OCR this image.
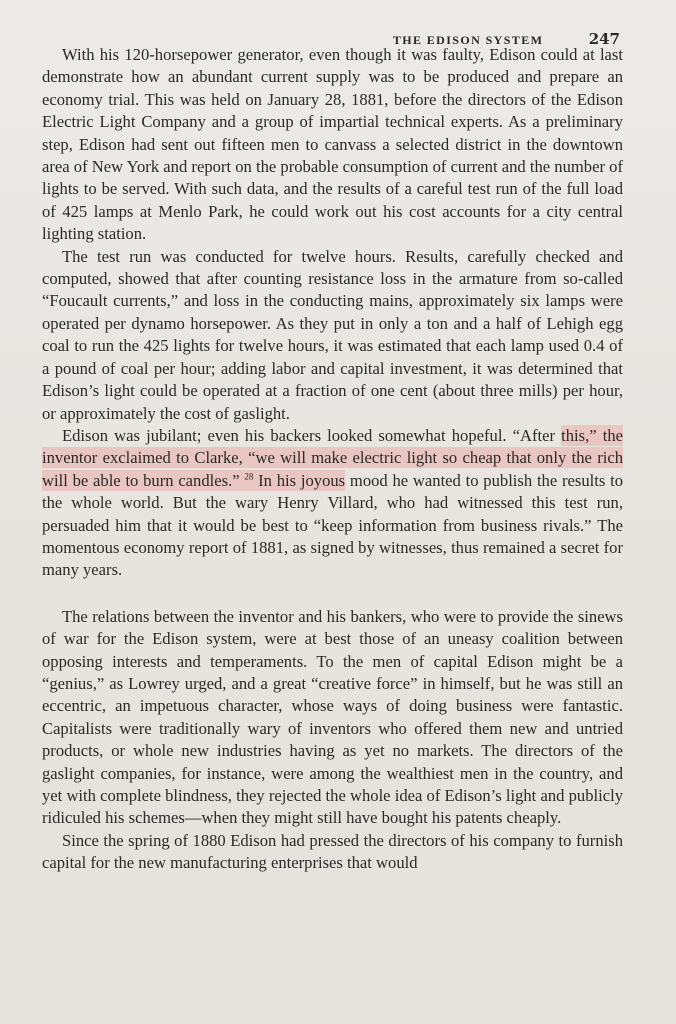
THE EDISON SYSTEM	247

With his 120-horsepower generator, even though it was faulty, Edison could at last demonstrate how an abundant current supply was to be produced and prepare an economy trial. This was held on January 28, 1881, before the directors of the Edison Electric Light Company and a group of impartial technical experts. As a preliminary step, Edison had sent out fifteen men to canvass a selected district in the downtown area of New York and report on the probable consumption of current and the number of lights to be served. With such data, and the results of a careful test run of the full load of 425 lamps at Menlo Park, he could work out his cost accounts for a city central lighting station.

The test run was conducted for twelve hours. Results, carefully checked and computed, showed that after counting resistance loss in the armature from so-called “Foucault currents,” and loss in the conducting mains, approximately six lamps were operated per dynamo horsepower. As they put in only a ton and a half of Lehigh egg coal to run the 425 lights for twelve hours, it was estimated that each lamp used 0.4 of a pound of coal per hour; adding labor and capital investment, it was determined that Edison’s light could be operated at a fraction of one cent (about three mills) per hour, or approximately the cost of gaslight.

Edison was jubilant; even his backers looked somewhat hopeful. “After this,” the inventor exclaimed to Clarke, “we will make electric light so cheap that only the rich will be able to burn candles.” $^{28}$ In his joyous mood he wanted to publish the results to the whole world. But the wary Henry Villard, who had witnessed this test run, persuaded him that it would be best to “keep information from business rivals.” The momentous economy report of 1881, as signed by witnesses, thus remained a secret for many years.

The relations between the inventor and his bankers, who were to provide the sinews of war for the Edison system, were at best those of an uneasy coalition between opposing interests and temperaments. To the men of capital Edison might be a “genius,” as Lowrey urged, and a great “creative force” in himself, but he was still an eccentric, an impetuous character, whose ways of doing business were fantastic. Capitalists were traditionally wary of inventors who offered them new and untried products, or whole new industries having as yet no markets. The directors of the gaslight companies, for instance, were among the wealthiest men in the country, and yet with complete blindness, they rejected the whole idea of Edison’s light and publicly ridiculed his schemes—when they might still have bought his patents cheaply.

Since the spring of 1880 Edison had pressed the directors of his company to furnish capital for the new manufacturing enterprises that would
